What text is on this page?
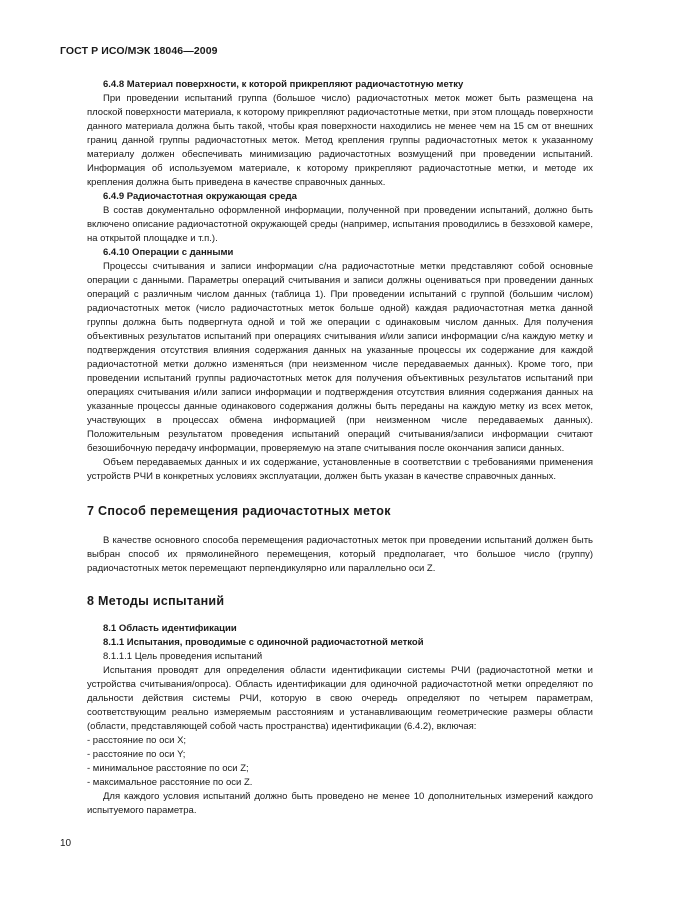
ГОСТ Р ИСО/МЭК 18046—2009
6.4.8 Материал поверхности, к которой прикрепляют радиочастотную метку

При проведении испытаний группа (большое число) радиочастотных меток может быть размещена на плоской поверхности материала, к которому прикрепляют радиочастотные метки, при этом площадь поверхности данного материала должна быть такой, чтобы края поверхности находились не менее чем на 15 см от внешних границ данной группы радиочастотных меток. Метод крепления группы радиочастотных меток к указанному материалу должен обеспечивать минимизацию радиочастотных возмущений при проведении испытаний. Информация об используемом материале, к которому прикрепляют радиочастотные метки, и методе их крепления должна быть приведена в качестве справочных данных.

6.4.9 Радиочастотная окружающая среда

В состав документально оформленной информации, полученной при проведении испытаний, должно быть включено описание радиочастотной окружающей среды (например, испытания проводились в безэховой камере, на открытой площадке и т.п.).

6.4.10 Операции с данными

Процессы считывания и записи информации с/на радиочастотные метки представляют собой основные операции с данными. Параметры операций считывания и записи должны оцениваться при проведении данных операций с различным числом данных (таблица 1). При проведении испытаний с группой (большим числом) радиочастотных меток (число радиочастотных меток больше одной) каждая радиочастотная метка данной группы должна быть подвергнута одной и той же операции с одинаковым числом данных. Для получения объективных результатов испытаний при операциях считывания и/или записи информации с/на каждую метку и подтверждения отсутствия влияния содержания данных на указанные процессы их содержание для каждой радиочастотной метки должно изменяться (при неизменном числе передаваемых данных). Кроме того, при проведении испытаний группы радиочастотных меток для получения объективных результатов испытаний при операциях считывания и/или записи информации и подтверждения отсутствия влияния содержания данных на указанные процессы данные одинакового содержания должны быть переданы на каждую метку из всех меток, участвующих в процессах обмена информацией (при неизменном числе передаваемых данных). Положительным результатом проведения испытаний операций считывания/записи информации считают безошибочную передачу информации, проверяемую на этапе считывания после окончания записи данных.

Объем передаваемых данных и их содержание, установленные в соответствии с требованиями применения устройств РЧИ в конкретных условиях эксплуатации, должен быть указан в качестве справочных данных.

7 Способ перемещения радиочастотных меток

В качестве основного способа перемещения радиочастотных меток при проведении испытаний должен быть выбран способ их прямолинейного перемещения, который предполагает, что большое число (группу) радиочастотных меток перемещают перпендикулярно или параллельно оси Z.

8 Методы испытаний
8.1 Область идентификации
8.1.1 Испытания, проводимые с одиночной радиочастотной меткой
8.1.1.1 Цель проведения испытаний

Испытания проводят для определения области идентификации системы РЧИ (радиочастотной метки и устройства считывания/опроса). Область идентификации для одиночной радиочастотной метки определяют по дальности действия системы РЧИ, которую в свою очередь определяют по четырем параметрам, соответствующим реально измеряемым расстояниям и устанавливающим геометрические размеры области (области, представляющей собой часть пространства) идентификации (6.4.2), включая:

- расстояние по оси X;
- расстояние по оси Y;
- минимальное расстояние по оси Z;
- максимальное расстояние по оси Z.

Для каждого условия испытаний должно быть проведено не менее 10 дополнительных измерений каждого испытуемого параметра.

10
